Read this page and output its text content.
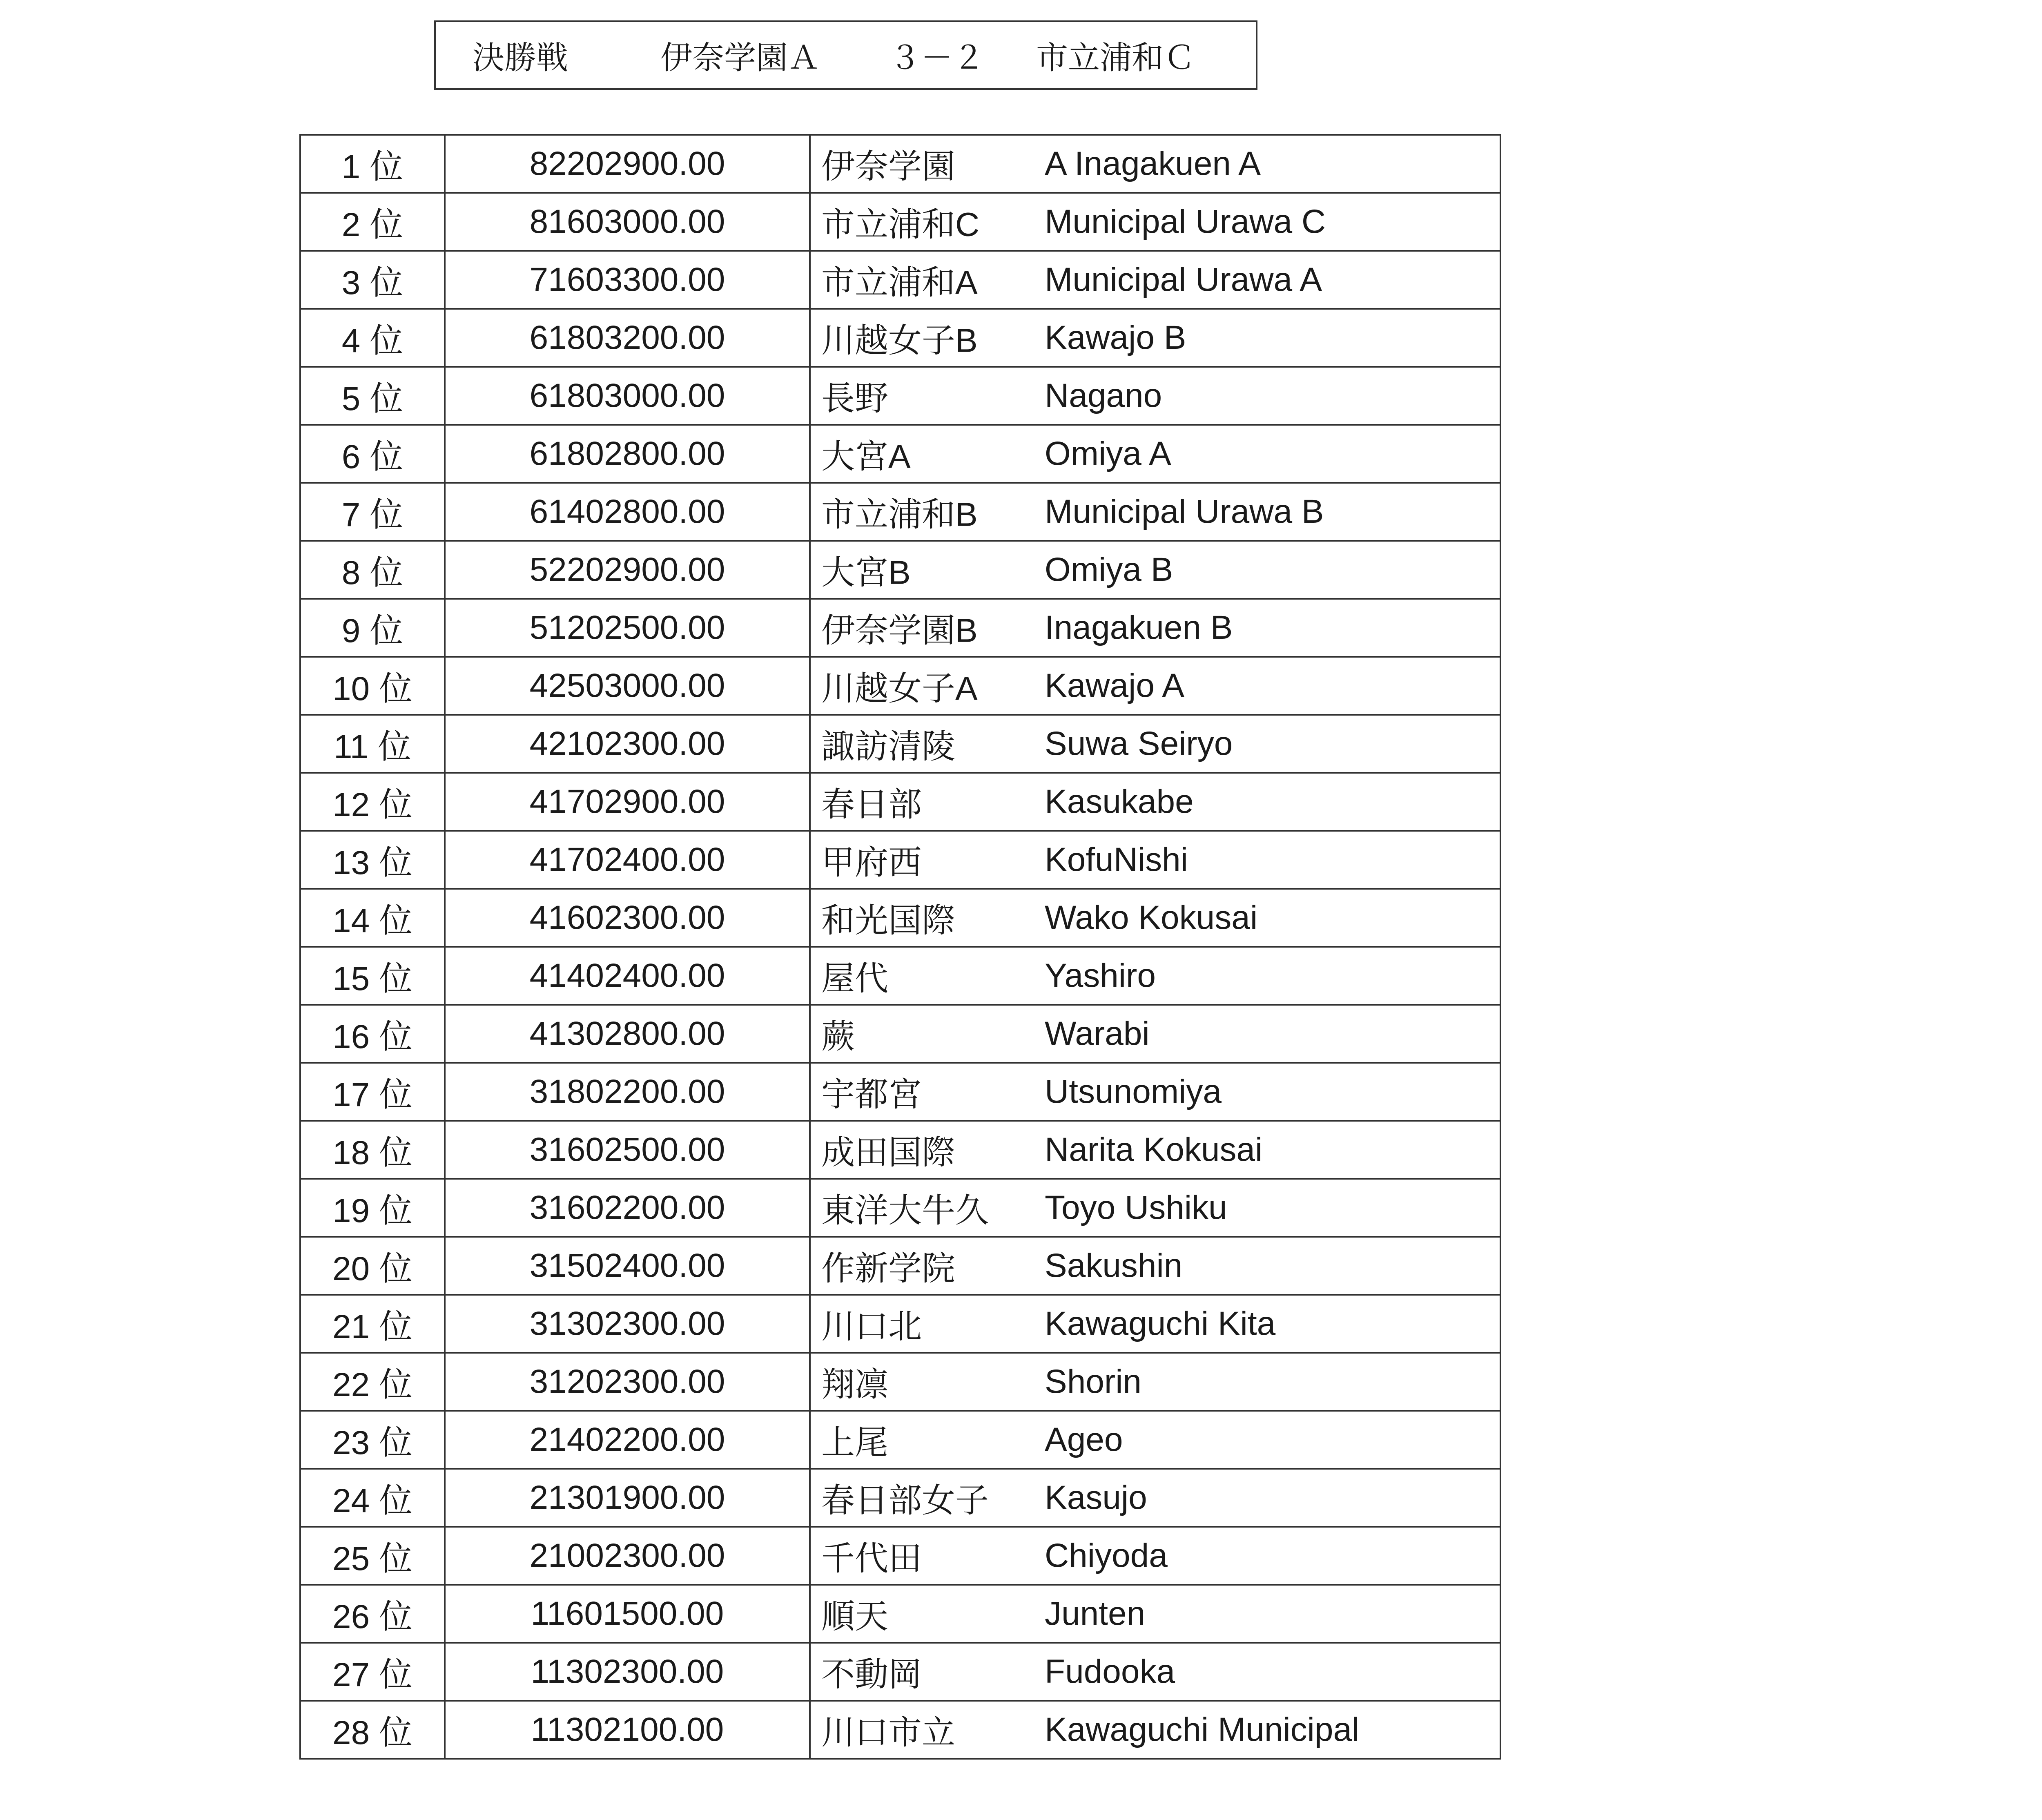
決勝戦	伊奈学園Ａ ３－２ 市立浦和Ｃ
1 位	82202900.00	伊奈学園 A Inagakuen A

2 位	81603000.00	市立浦和C Municipal Urawa C

3 位	71603300.00	市立浦和A Municipal Urawa A

4 位	61803200.00	川越女子B Kawajo B

5 位	61803000.00	長野 Nagano

6 位	61802800.00	大宮A Omiya A

7 位	61402800.00	市立浦和B Municipal Urawa B

8 位	52202900.00	大宮B Omiya B

9 位	51202500.00	伊奈学園B Inagakuen B

10 位	42503000.00	川越女子A Kawajo A

11 位	42102300.00	諏訪清陵 Suwa Seiryo

12 位	41702900.00	春日部 Kasukabe

13 位	41702400.00	甲府西 KofuNishi

14 位	41602300.00	和光国際 Wako Kokusai

15 位	41402400.00	屋代 Yashiro

16 位	41302800.00	蕨 Warabi

17 位	31802200.00	宇都宮 Utsunomiya

18 位	31602500.00	成田国際 Narita Kokusai

19 位	31602200.00	東洋大牛久 Toyo Ushiku

20 位	31502400.00	作新学院 Sakushin

21 位	31302300.00	川口北 Kawaguchi Kita

22 位	31202300.00	翔凛 Shorin

23 位	21402200.00	上尾 Ageo

24 位	21301900.00	春日部女子 Kasujo

25 位	21002300.00	千代田 Chiyoda

26 位	11601500.00	順天 Junten

27 位	11302300.00	不動岡 Fudooka

28 位	11302100.00	川口市立 Kawaguchi Municipal
